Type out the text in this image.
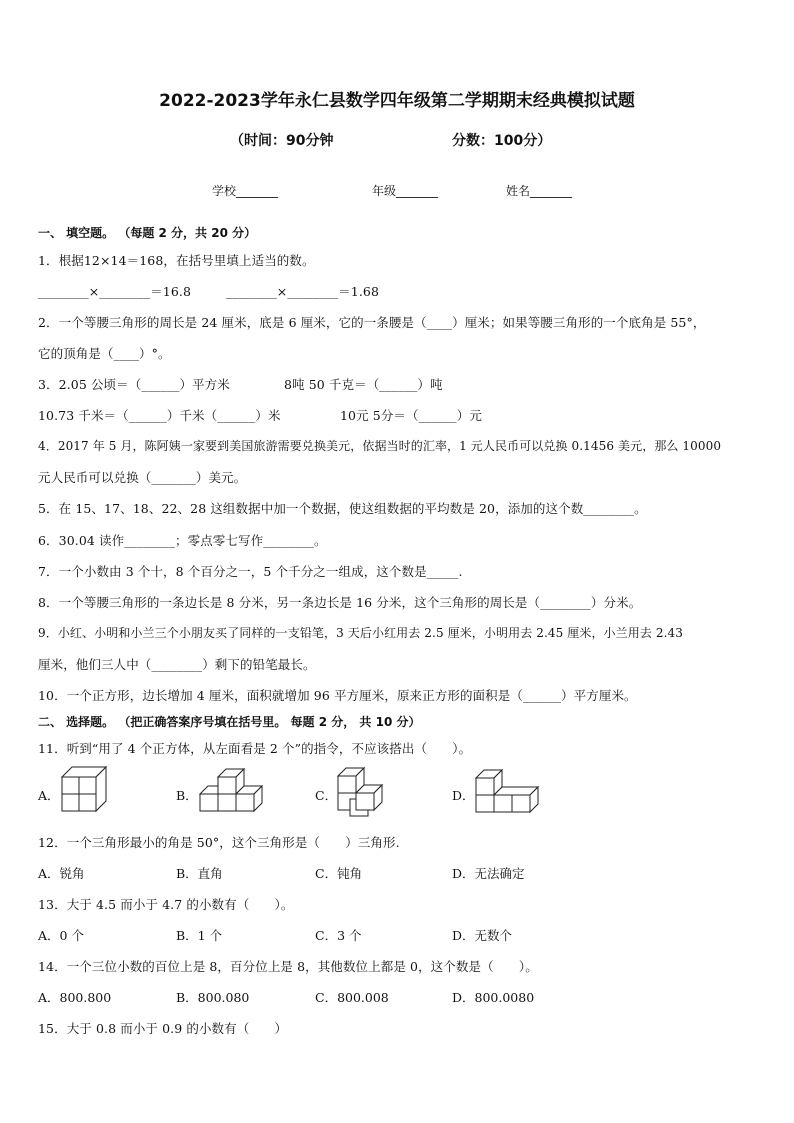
2022-2023学年永仁县数学四年级第二学期期末经典模拟试题
（时间：90分钟	分数：100分）
学校_______	年级_______	姓名_______
一、 填空题。 （每题 2 分，共 20 分）
1．根据12×14＝168，在括号里填上适当的数。
________×________＝16.8	________×________＝1.68
2．一个等腰三角形的周长是 24 厘米，底是 6 厘米，它的一条腰是（____）厘米；如果等腰三角形的一个底角是 55°，
它的顶角是（____）°。
3．2.05 公顷＝（______）平方米	8吨 50 千克＝（______）吨
10.73 千米＝（______）千米（______）米	10元 5分＝（______）元
4．2017 年 5 月，陈阿姨一家要到美国旅游需要兑换美元，依据当时的汇率，1 元人民币可以兑换 0.1456 美元，那么 10000
元人民币可以兑换（_______）美元。
5．在 15、17、18、22、28 这组数据中加一个数据，使这组数据的平均数是 20，添加的这个数________。
6．30.04 读作________；零点零七写作________。
7．一个小数由 3 个十，8 个百分之一，5 个千分之一组成，这个数是_____.
8．一个等腰三角形的一条边长是 8 分米，另一条边长是 16 分米，这个三角形的周长是（________）分米。
9．小红、小明和小兰三个小朋友买了同样的一支铅笔，3 天后小红用去 2.5 厘米，小明用去 2.45 厘米，小兰用去 2.43
厘米，他们三人中（________）剩下的铅笔最长。
10．一个正方形，边长增加 4 厘米，面积就增加 96 平方厘米，原来正方形的面积是（______）平方厘米。
二、 选择题。 （把正确答案序号填在括号里。 每题 2 分， 共 10 分）
11．听到“用了 4 个正方体，从左面看是 2 个”的指令，不应该搭出（　　）。
A．	B．	C．	D．
12．一个三角形最小的角是 50°，这个三角形是（　　）三角形.
A．锐角	B．直角	C．钝角	D．无法确定
13．大于 4.5 而小于 4.7 的小数有（　　）。
A．0 个	B．1 个	C．3 个	D．无数个
14．一个三位小数的百位上是 8，百分位上是 8，其他数位上都是 0，这个数是（　　）。
A．800.800	B．800.080	C．800.008	D．800.0080
15．大于 0.8 而小于 0.9 的小数有（　　）
